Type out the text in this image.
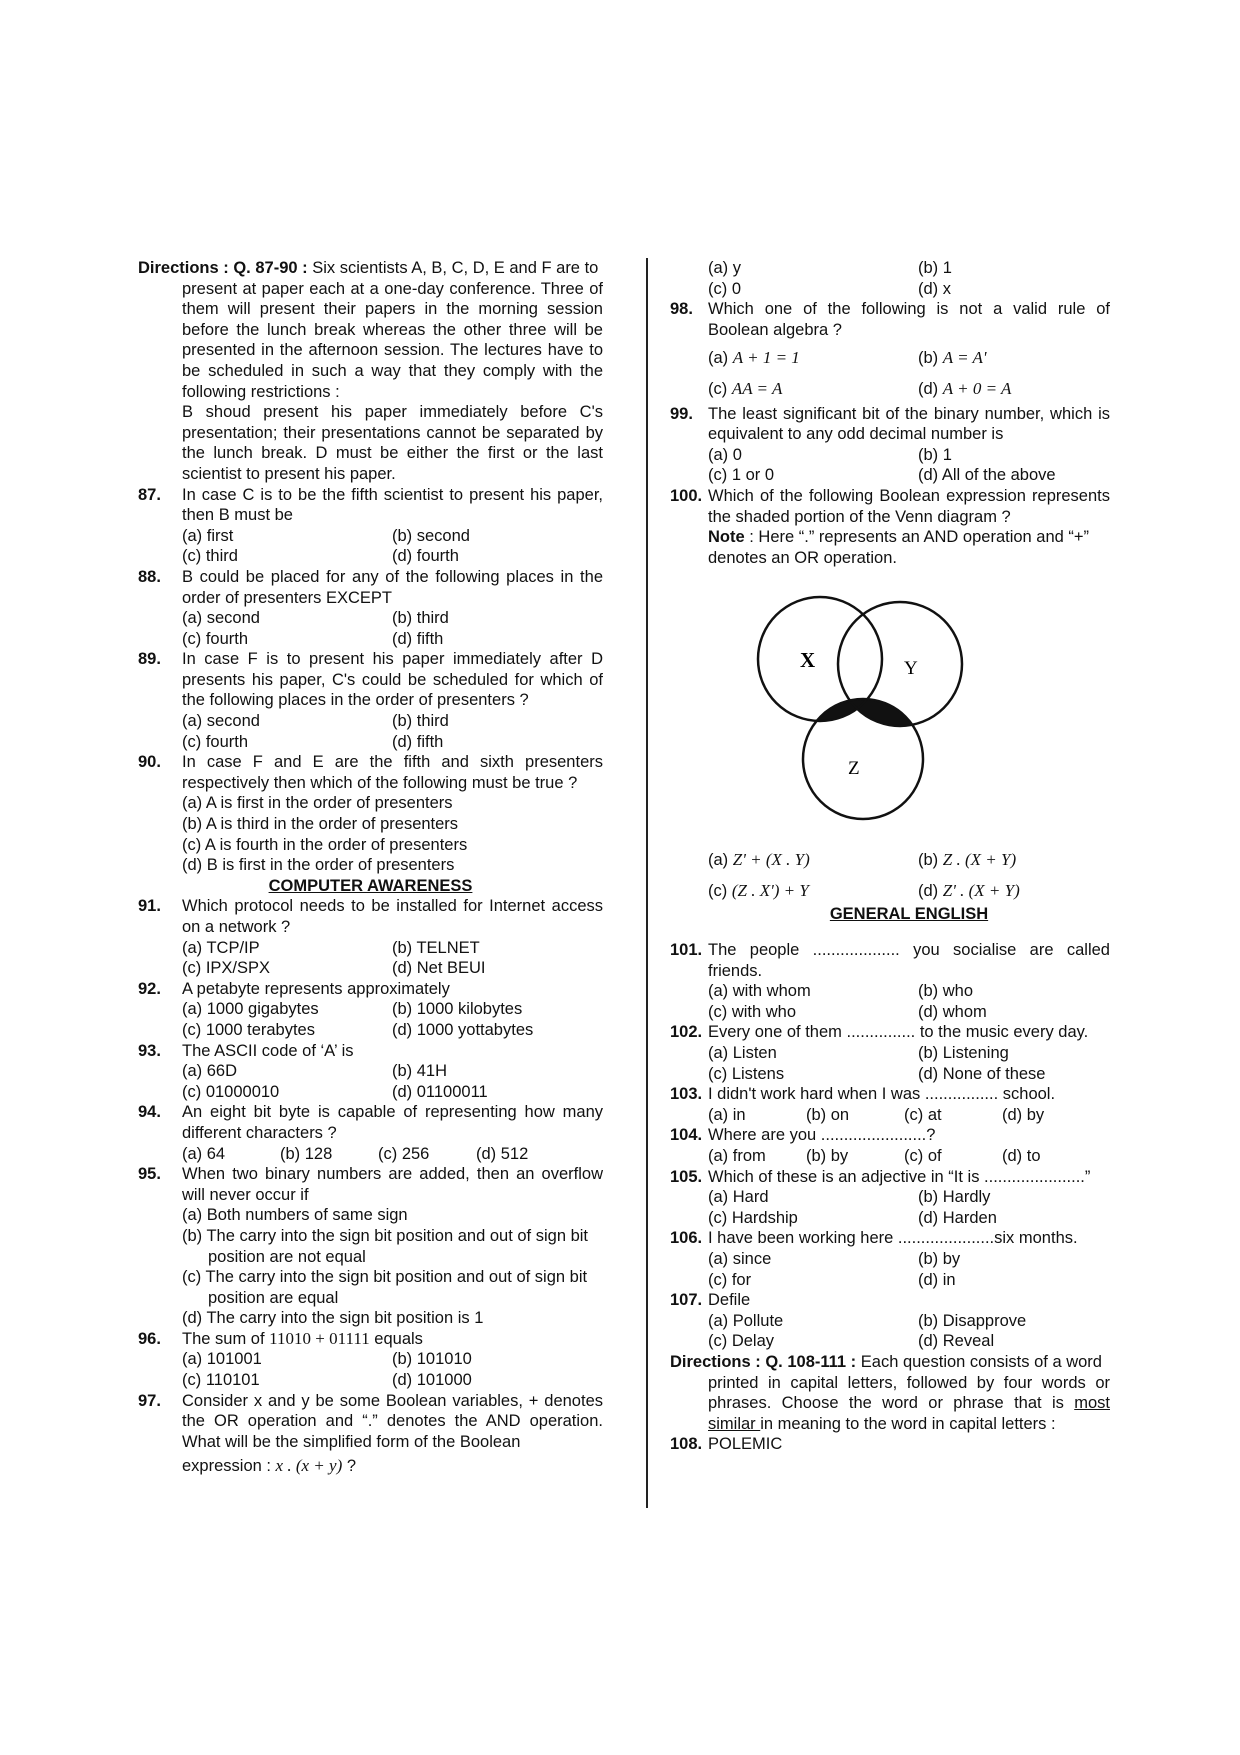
Directions : Q. 87-90 : Six scientists A, B, C, D, E and F are to
present at paper each at a one-day conference. Three of them will present their papers in the morning session before the lunch break whereas the other three will be presented in the afternoon session. The lectures have to be scheduled in such a way that they comply with the following restrictions :
B shoud present his paper immediately before C's presentation; their presentations cannot be separated by the lunch break. D must be either the first or the last scientist to present his paper.
87.	In case C is to be the fifth scientist to present his paper, then B must be
(a) first	(b) second
(c) third	(d) fourth
88.	B could be placed for any of the following places in the order of presenters EXCEPT
(a) second	(b) third
(c) fourth	(d) fifth
89.	In case F is to present his paper immediately after D presents his paper, C's could be scheduled for which of the following places in the order of presenters ?
(a) second	(b) third
(c) fourth	(d) fifth
90.	In case F and E are the fifth and sixth presenters respectively then which of the following must be true ?
(a) A is first in the order of presenters
(b) A is third in the order of presenters
(c) A is fourth in the order of presenters
(d) B is first in the order of presenters
COMPUTER AWARENESS
91.	Which protocol needs to be installed for Internet access on a network ?
(a) TCP/IP	(b) TELNET
(c) IPX/SPX	(d) Net BEUI
92.	A petabyte represents approximately
(a) 1000 gigabytes	(b) 1000 kilobytes
(c) 1000 terabytes	(d) 1000 yottabytes
93.	The ASCII code of ‘A’ is
(a) 66D	(b) 41H
(c) 01000010	(d) 01100011
94.	An eight bit byte is capable of representing how many different characters ?
(a) 64	(b) 128	(c) 256	(d) 512
95.	When two binary numbers are added, then an overflow will never occur if
(a) Both numbers of same sign
(b) The carry into the sign bit position and out of sign bit position are not equal
(c) The carry into the sign bit position and out of sign bit position are equal
(d) The carry into the sign bit position is 1
96.	The sum of 11010 + 01111 equals
(a) 101001	(b) 101010
(c) 110101	(d) 101000
97.	Consider x and y be some Boolean variables, + denotes the OR operation and “.” denotes the AND operation. What will be the simplified form of the Boolean
expression : x . (x + y) ?
(a) y	(b) 1
(c) 0	(d) x
98. Which one of the following is not a valid rule of Boolean algebra ?
(a) A + 1 = 1	(b) A = A'
(c) AA = A	(d) A + 0 = A
99. The least significant bit of the binary number, which is equivalent to any odd decimal number is
(a) 0	(b) 1
(c) 1 or 0	(d) All of the above
100. Which of the following Boolean expression represents the shaded portion of the Venn diagram ?
Note : Here “.” represents an AND operation and “+” denotes an OR operation.
X	Y
Z
(a) Z' + (X . Y)	(b) Z . (X + Y)
(c) (Z . X') + Y	(d) Z' . (X + Y)
GENERAL ENGLISH
101. The people ................... you socialise are called friends.
(a) with whom	(b) who
(c) with who	(d) whom
102. Every one of them ............... to the music every day.
(a) Listen	(b) Listening
(c) Listens	(d) None of these
103. I didn't work hard when I was ................ school.
(a) in	(b) on	(c) at	(d) by
104. Where are you .......................?
(a) from	(b) by	(c) of	(d) to
105. Which of these is an adjective in “It is ......................”
(a) Hard	(b) Hardly
(c) Hardship	(d) Harden
106. I have been working here .....................six months.
(a) since	(b) by
(c) for	(d) in
107. Defile
(a) Pollute	(b) Disapprove
(c) Delay	(d) Reveal
Directions : Q. 108-111 : Each question consists of a word
printed in capital letters, followed by four words or phrases. Choose the word or phrase that is most similar in meaning to the word in capital letters :
108. POLEMIC
